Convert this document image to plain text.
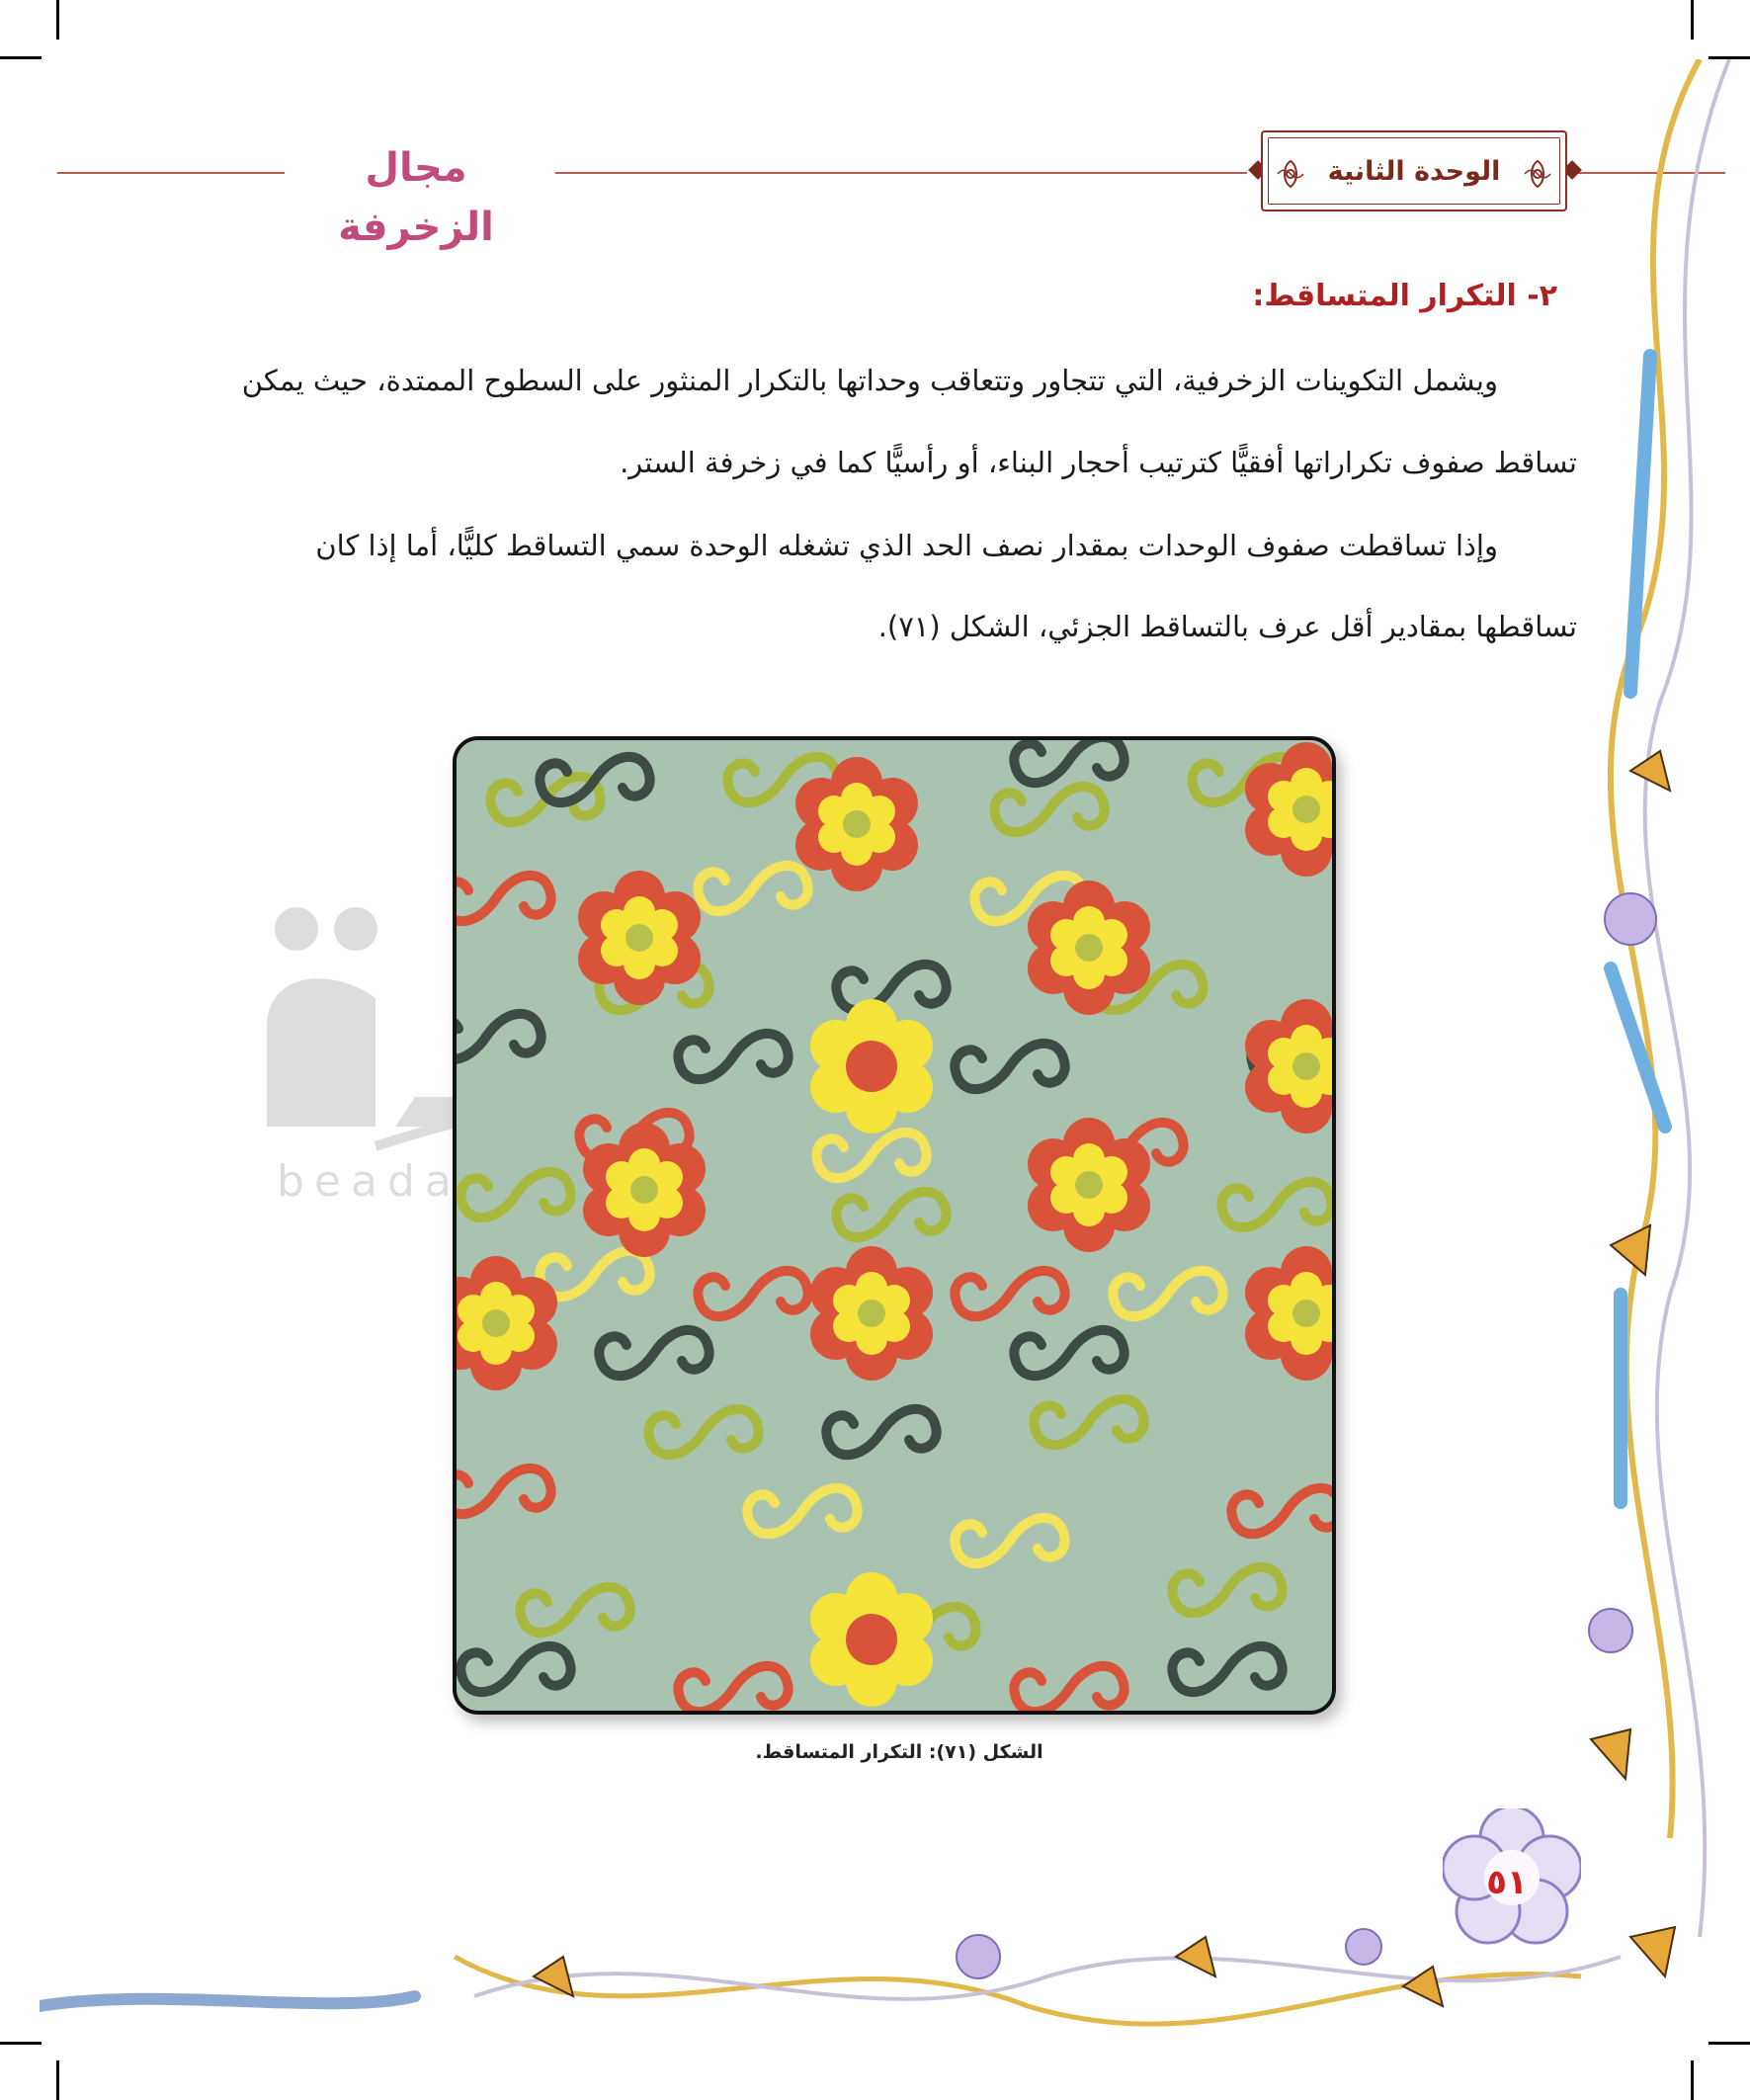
مجال الزخرفة
الوحدة الثانية
٢- التكرار المتساقط:
ويشمل التكوينات الزخرفية، التي تتجاور وتتعاقب وحداتها بالتكرار المنثور على السطوح الممتدة، حيث يمكن
تساقط صفوف تكراراتها أفقيًّا كترتيب أحجار البناء، أو رأسيًّا كما في زخرفة الستر.
وإذا تساقطت صفوف الوحدات بمقدار نصف الحد الذي تشغله الوحدة سمي التساقط كليًّا، أما إذا كان
تساقطها بمقادير أقل عرف بالتساقط الجزئي، الشكل (٧١).
beadaya
الشكل (٧١): التكرار المتساقط.
٥١
